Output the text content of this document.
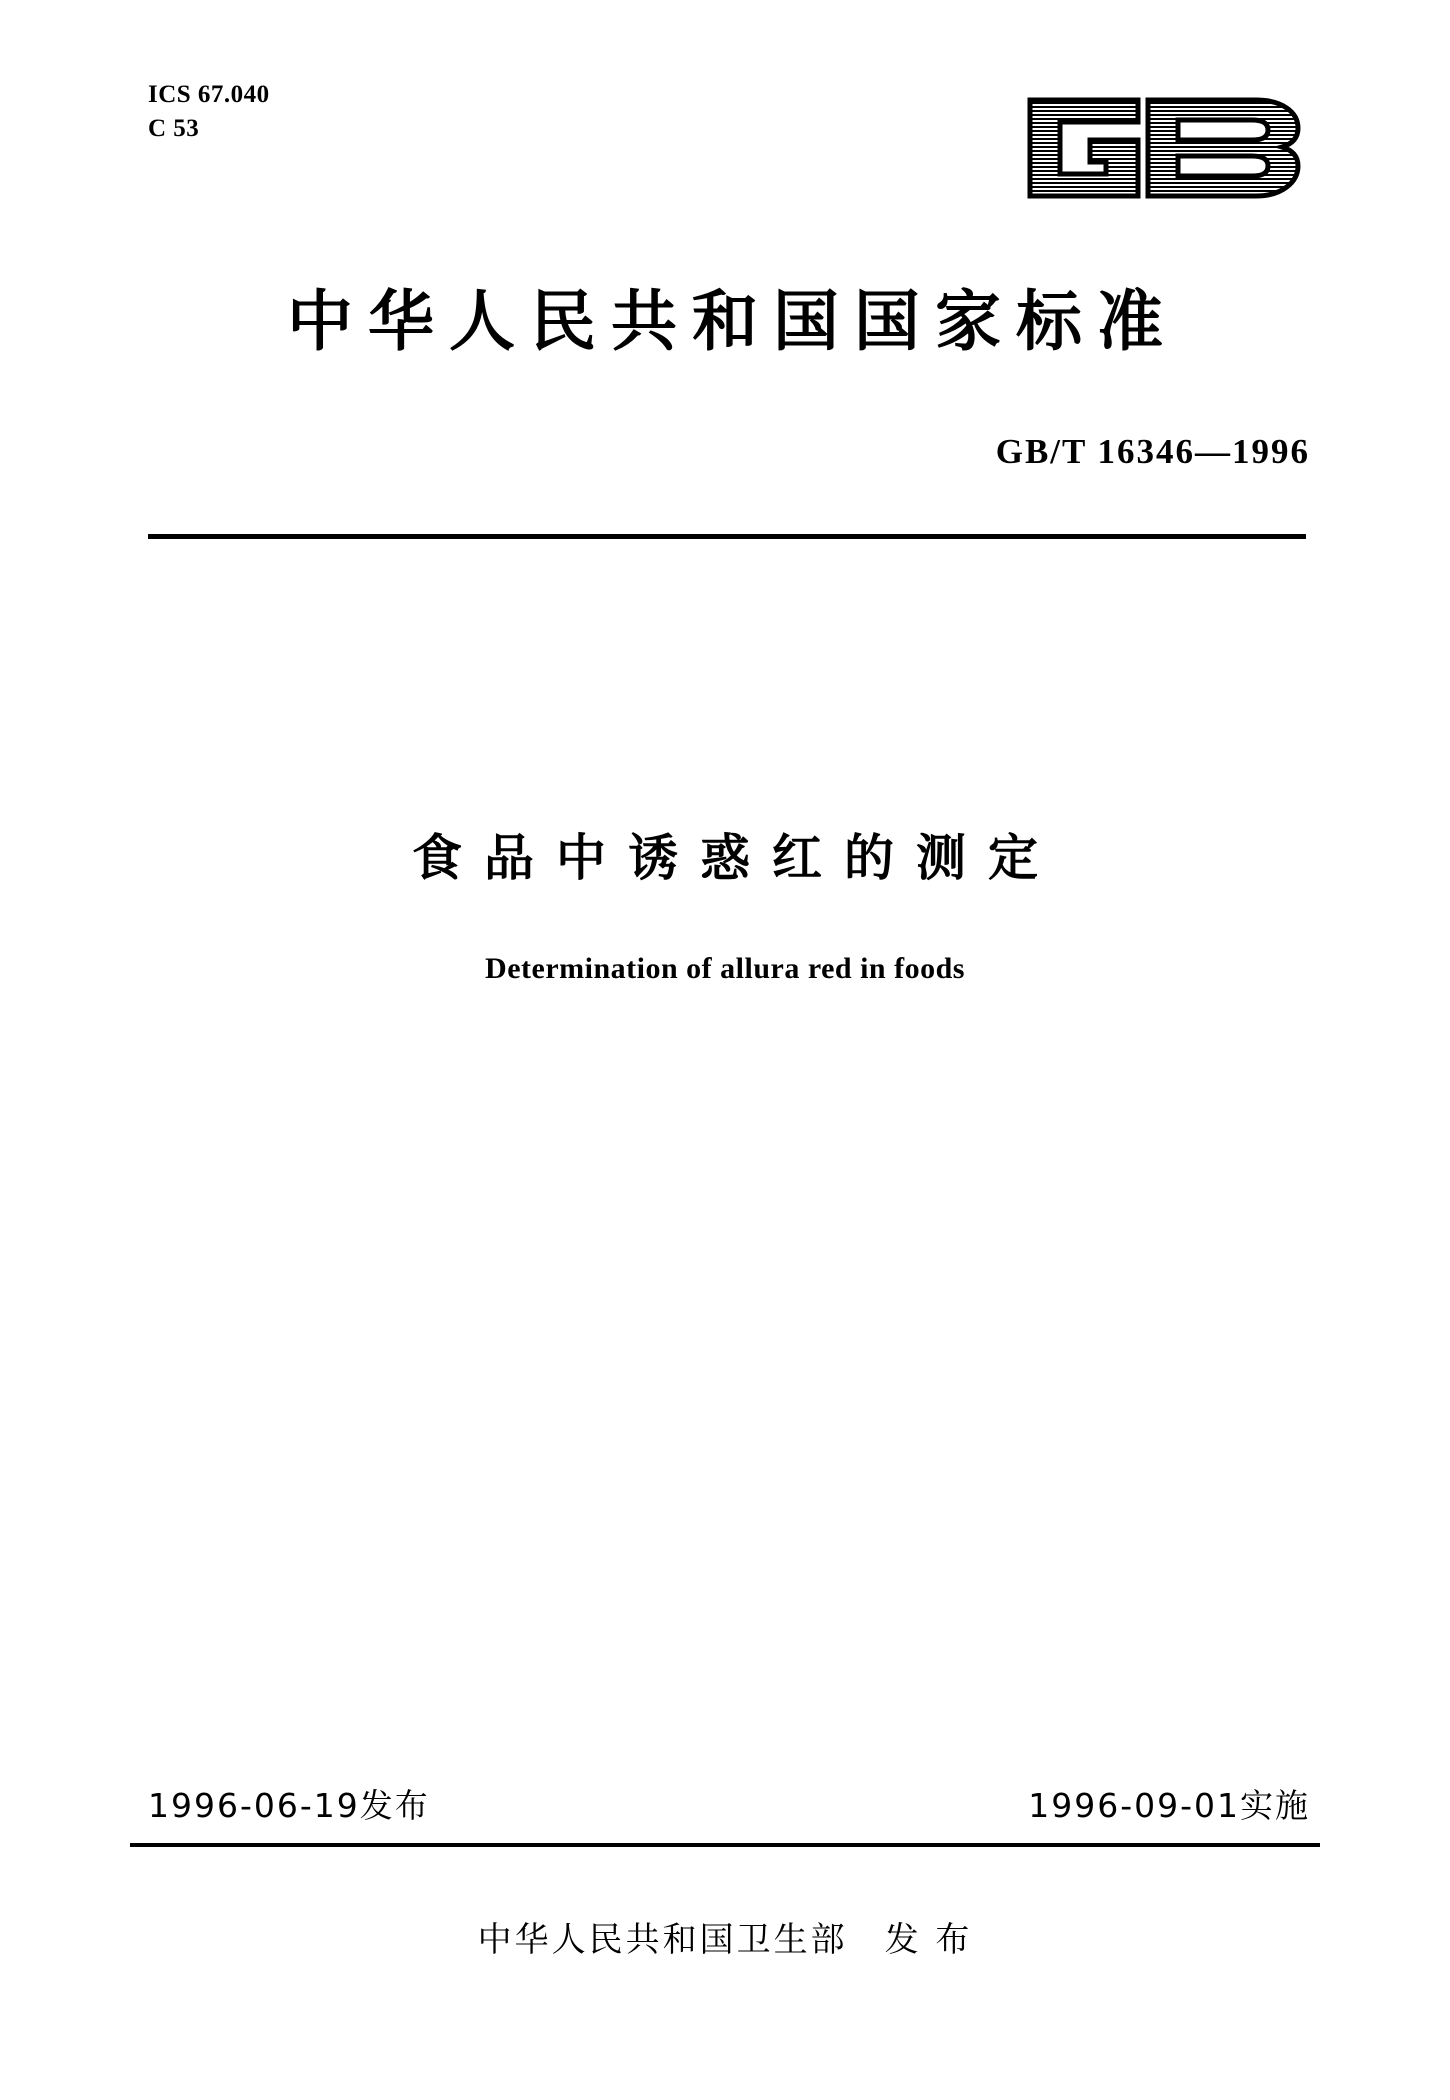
ICS 67.040
C 53
中华人民共和国国家标准
GB/T 16346—1996
食品中诱惑红的测定
Determination of allura red in foods
1996-06-19发布	1996-09-01实施
中华人民共和国卫生部　发 布
